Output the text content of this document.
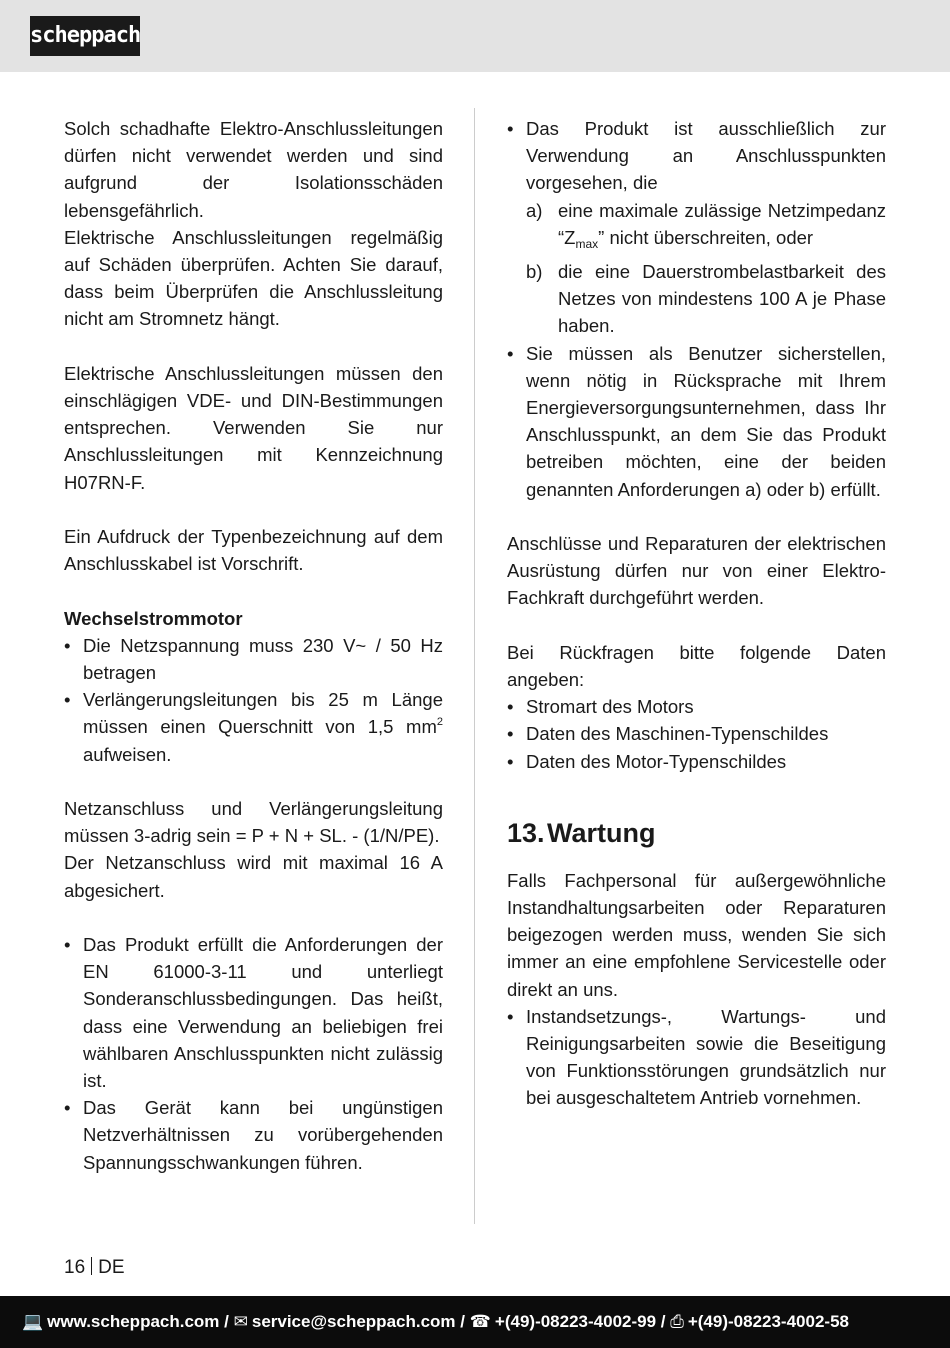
scheppach

Solch schadhafte Elektro-Anschlussleitungen dürfen nicht verwendet werden und sind aufgrund der Isolationsschäden lebensgefährlich.

Elektrische Anschlussleitungen regelmäßig auf Schäden überprüfen. Achten Sie darauf, dass beim Überprüfen die Anschlussleitung nicht am Stromnetz hängt.

Elektrische Anschlussleitungen müssen den einschlägigen VDE- und DIN-Bestimmungen entsprechen. Verwenden Sie nur Anschlussleitungen mit Kennzeichnung H07RN-F.

Ein Aufdruck der Typenbezeichnung auf dem Anschlusskabel ist Vorschrift.

Wechselstrommotor

• Die Netzspannung muss 230 V~ / 50 Hz betragen
• Verlängerungsleitungen bis 25 m Länge müssen einen Querschnitt von 1,5 $mm^2$ aufweisen.

Netzanschluss und Verlängerungsleitung müssen 3-adrig sein = P + N + SL. - (1/N/PE).

Der Netzanschluss wird mit maximal 16 A abgesichert.

• Das Produkt erfüllt die Anforderungen der EN 61000-3-11 und unterliegt Sonderanschlussbedingungen. Das heißt, dass eine Verwendung an beliebigen frei wählbaren Anschlusspunkten nicht zulässig ist.
• Das Gerät kann bei ungünstigen Netzverhältnissen zu vorübergehenden Spannungsschwankungen führen.
• Das Produkt ist ausschließlich zur Verwendung an Anschlusspunkten vorgesehen, die
a) eine maximale zulässige Netzimpedanz “$Z_{max}$” nicht überschreiten, oder
b) die eine Dauerstrombelastbarkeit des Netzes von mindestens 100 A je Phase haben.
• Sie müssen als Benutzer sicherstellen, wenn nötig in Rücksprache mit Ihrem Energieversorgungsunternehmen, dass Ihr Anschlusspunkt, an dem Sie das Produkt betreiben möchten, eine der beiden genannten Anforderungen a) oder b) erfüllt.

Anschlüsse und Reparaturen der elektrischen Ausrüstung dürfen nur von einer Elektro-Fachkraft durchgeführt werden.

Bei Rückfragen bitte folgende Daten angeben:

• Stromart des Motors
• Daten des Maschinen-Typenschildes
• Daten des Motor-Typenschildes
13. Wartung

Falls Fachpersonal für außergewöhnliche Instandhaltungsarbeiten oder Reparaturen beigezogen werden muss, wenden Sie sich immer an eine empfohlene Servicestelle oder direkt an uns.

• Instandsetzungs-, Wartungs- und Reinigungsarbeiten sowie die Beseitigung von Funktionsstörungen grundsätzlich nur bei ausgeschaltetem Antrieb vornehmen.
16 DE
💻 www.scheppach.com / ✉ service@scheppach.com / ☎ +(49)-08223-4002-99 / ⎙ +(49)-08223-4002-58
